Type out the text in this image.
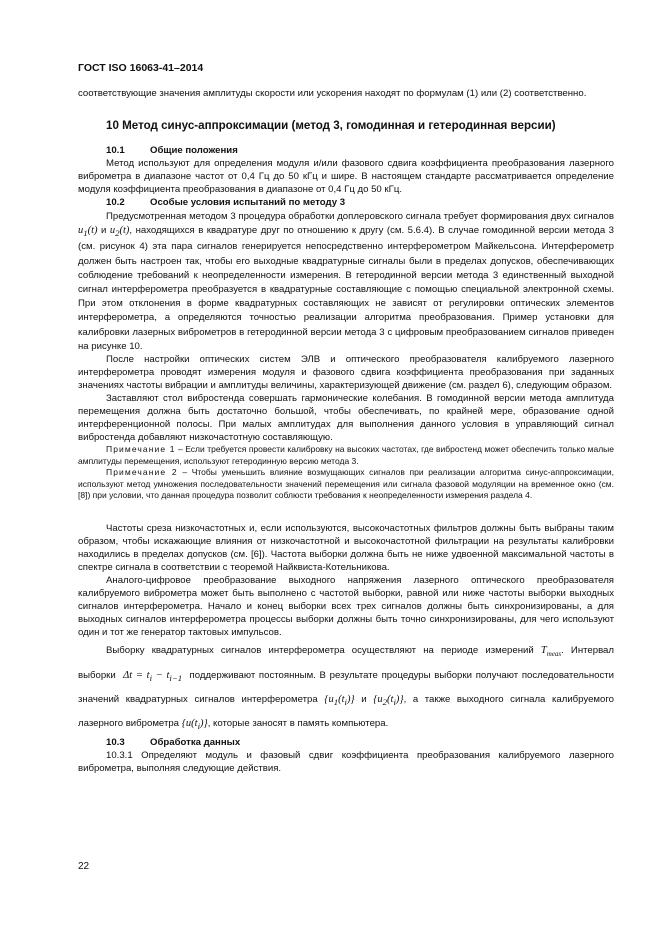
ГОСТ ISO 16063-41–2014

соответствующие значения амплитуды скорости или ускорения находят по формулам (1) или (2) соответственно.

10 Метод синус-аппроксимации (метод 3, гомодинная и гетеродинная версии)

10.1	Общие положения

Метод используют для определения модуля и/или фазового сдвига коэффициента преобразования лазерного виброметра в диапазоне частот от 0,4 Гц до 50 кГц и шире. В настоящем стандарте рассматривается определение модуля коэффициента преобразования в диапазоне от 0,4 Гц до 50 кГц.

10.2	Особые условия испытаний по методу 3

Предусмотренная методом 3 процедура обработки доплеровского сигнала требует формирования двух сигналов $u_1(t)$ и $u_2(t)$, находящихся в квадратуре друг по отношению к другу (см. 5.6.4). В случае гомодинной версии метода 3 (см. рисунок 4) эта пара сигналов генерируется непосредственно интерферометром Майкельсона. Интерферометр должен быть настроен так, чтобы его выходные квадратурные сигналы были в пределах допусков, обеспечивающих соблюдение требований к неопределенности измерения. В гетеродинной версии метода 3 единственный выходной сигнал интерферометра преобразуется в квадратурные составляющие с помощью специальной электронной схемы. При этом отклонения в форме квадратурных составляющих не зависят от регулировки оптических элементов интерферометра, а определяются точностью реализации алгоритма преобразования. Пример установки для калибровки лазерных виброметров в гетеродинной версии метода 3 с цифровым преобразованием сигналов приведен на рисунке 10.

После настройки оптических систем ЭЛВ и оптического преобразователя калибруемого лазерного интерферометра проводят измерения модуля и фазового сдвига коэффициента преобразования при заданных значениях частоты вибрации и амплитуды величины, характеризующей движение (см. раздел 6), следующим образом.

Заставляют стол вибростенда совершать гармонические колебания. В гомодинной версии метода амплитуда перемещения должна быть достаточно большой, чтобы обеспечивать, по крайней мере, образование одной интерференционной полосы. При малых амплитудах для выполнения данного условия в управляющий сигнал вибростенда добавляют низкочастотную составляющую.

Примечание 1 – Если требуется провести калибровку на высоких частотах, где вибростенд может обеспечить только малые амплитуды перемещения, используют гетеродинную версию метода 3.

Примечание 2 – Чтобы уменьшить влияние возмущающих сигналов при реализации алгоритма синус-аппроксимации, используют метод умножения последовательности значений перемещения или сигнала фазовой модуляции на временное окно (см. [8]) при условии, что данная процедура позволит соблюсти требования к неопределенности измерения раздела 4.

Частоты среза низкочастотных и, если используются, высокочастотных фильтров должны быть выбраны таким образом, чтобы искажающие влияния от низкочастотной и высокочастотной фильтрации на результаты калибровки находились в пределах допусков (см. [6]). Частота выборки должна быть не ниже удвоенной максимальной частоты в спектре сигнала в соответствии с теоремой Найквиста-Котельникова.

Аналого-цифровое преобразование выходного напряжения лазерного оптического преобразователя калибруемого виброметра может быть выполнено с частотой выборки, равной или ниже частоты выборки выходных сигналов интерферометра. Начало и конец выборки всех трех сигналов должны быть синхронизированы, а для выходных сигналов интерферометра процессы выборки должны быть точно синхронизированы, для чего используют один и тот же генератор тактовых импульсов.

Выборку квадратурных сигналов интерферометра осуществляют на периоде измерений $T_{meas}$. Интервал выборки  $\Delta t = t_i - t_{i-1}$ поддерживают постоянным. В результате процедуры выборки получают последовательности значений квадратурных сигналов интерферометра $\{u_1(t_i)\}$ и $\{u_2(t_i)\}$, а также выходного сигнала калибруемого лазерного виброметра $\{u(t_i)\}$, которые заносят в память компьютера.

10.3	Обработка данных

10.3.1 Определяют модуль и фазовый сдвиг коэффициента преобразования калибруемого лазерного виброметра, выполняя следующие действия.

22
